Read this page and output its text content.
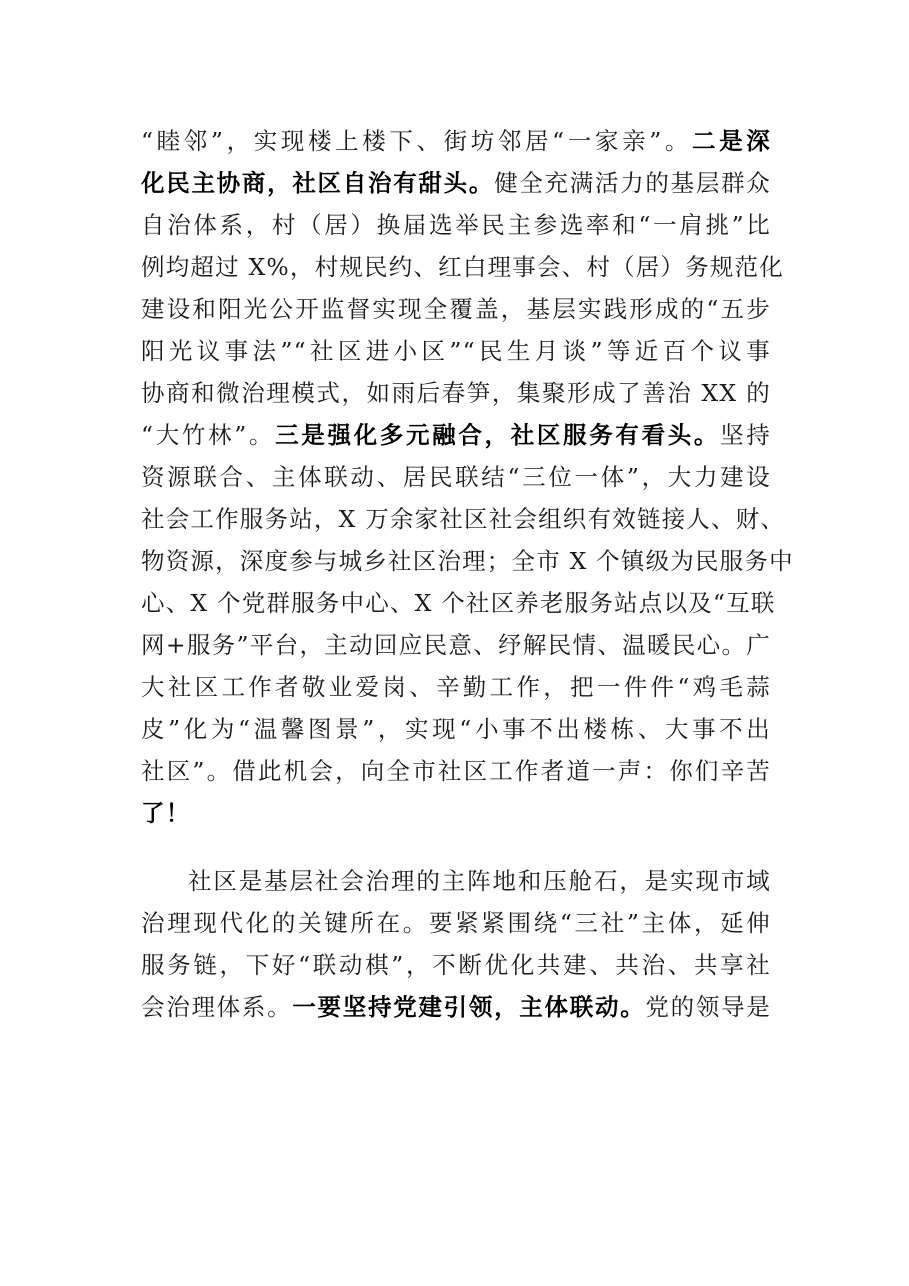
“睦邻”，实现楼上楼下、街坊邻居“一家亲”。二是深
化民主协商，社区自治有甜头。健全充满活力的基层群众
自治体系，村（居）换届选举民主参选率和“一肩挑”比
例均超过 X%，村规民约、红白理事会、村（居）务规范化
建设和阳光公开监督实现全覆盖，基层实践形成的“五步
阳光议事法”“社区进小区”“民生月谈”等近百个议事
协商和微治理模式，如雨后春笋，集聚形成了善治 XX 的
“大竹林”。三是强化多元融合，社区服务有看头。坚持
资源联合、主体联动、居民联结“三位一体”，大力建设
社会工作服务站，X 万余家社区社会组织有效链接人、财、
物资源，深度参与城乡社区治理；全市 X 个镇级为民服务中
心、X 个党群服务中心、X 个社区养老服务站点以及“互联
网+服务”平台，主动回应民意、纾解民情、温暖民心。广
大社区工作者敬业爱岗、辛勤工作，把一件件“鸡毛蒜
皮”化为“温馨图景”，实现“小事不出楼栋、大事不出
社区”。借此机会，向全市社区工作者道一声：你们辛苦
了！
社区是基层社会治理的主阵地和压舱石，是实现市域
治理现代化的关键所在。要紧紧围绕“三社”主体，延伸
服务链，下好“联动棋”，不断优化共建、共治、共享社
会治理体系。一要坚持党建引领，主体联动。党的领导是
